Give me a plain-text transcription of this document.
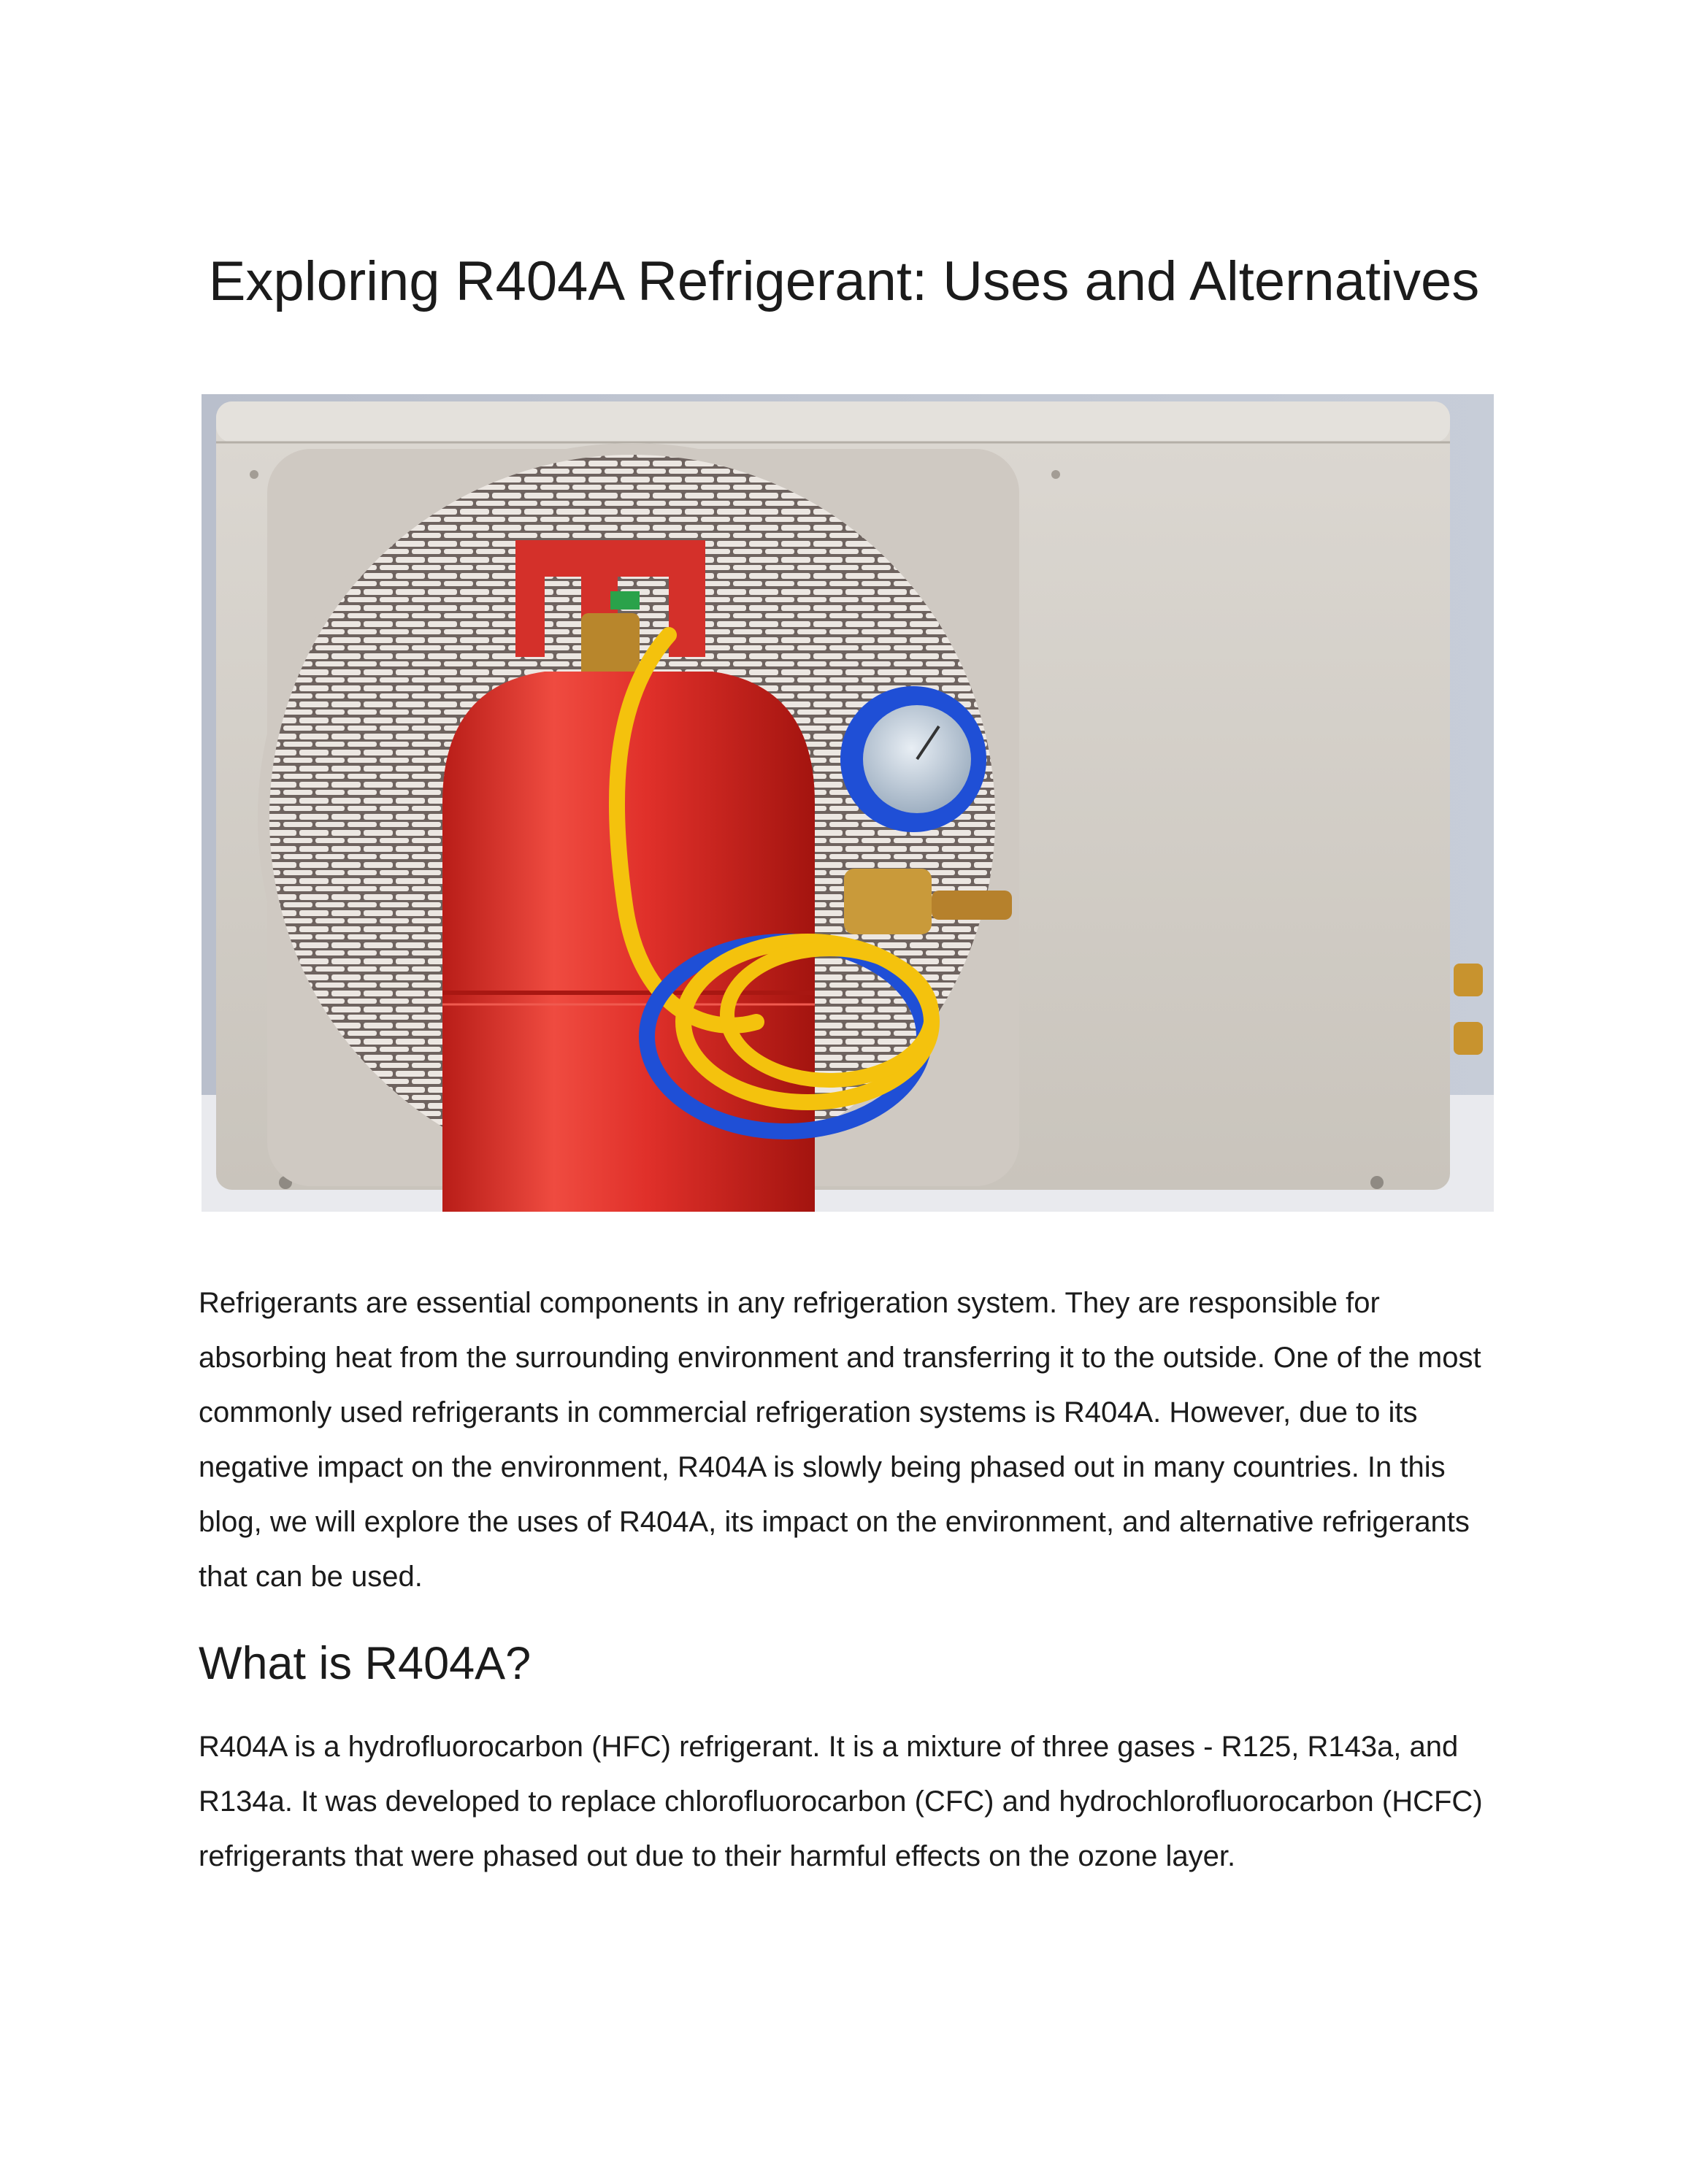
Exploring R404A Refrigerant: Uses and Alternatives

Refrigerants are essential components in any refrigeration system. They are responsible for absorbing heat from the surrounding environment and transferring it to the outside. One of the most commonly used refrigerants in commercial refrigeration systems is R404A. However, due to its negative impact on the environment, R404A is slowly being phased out in many countries. In this blog, we will explore the uses of R404A, its impact on the environment, and alternative refrigerants that can be used.

What is R404A?

R404A is a hydrofluorocarbon (HFC) refrigerant. It is a mixture of three gases - R125, R143a, and R134a. It was developed to replace chlorofluorocarbon (CFC) and hydrochlorofluorocarbon (HCFC) refrigerants that were phased out due to their harmful effects on the ozone layer.
